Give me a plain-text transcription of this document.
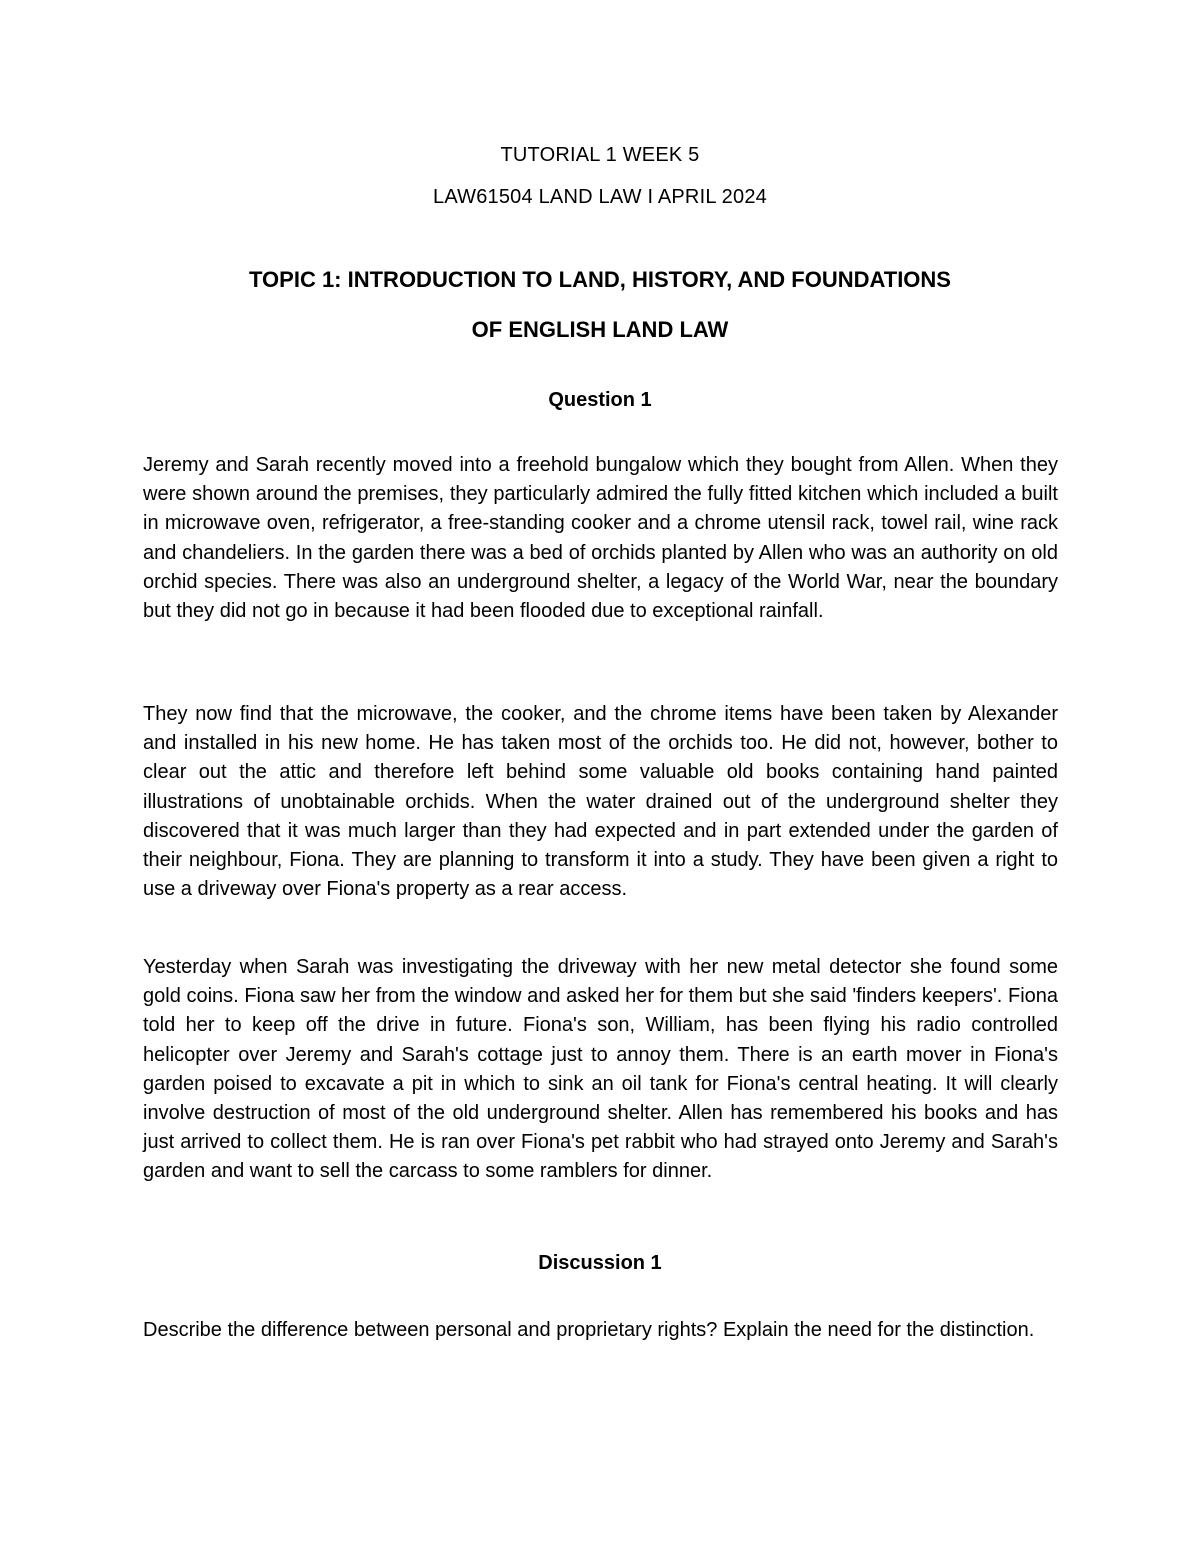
TUTORIAL 1 WEEK 5
LAW61504 LAND LAW I APRIL 2024
TOPIC 1: INTRODUCTION TO LAND, HISTORY, AND FOUNDATIONS
OF ENGLISH LAND LAW
Question 1

Jeremy and Sarah recently moved into a freehold bungalow which they bought from Allen. When they were shown around the premises, they particularly admired the fully fitted kitchen which included a built in microwave oven, refrigerator, a free-standing cooker and a chrome utensil rack, towel rail, wine rack and chandeliers. In the garden there was a bed of orchids planted by Allen who was an authority on old orchid species. There was also an underground shelter, a legacy of the World War, near the boundary but they did not go in because it had been flooded due to exceptional rainfall.

They now find that the microwave, the cooker, and the chrome items have been taken by Alexander and installed in his new home. He has taken most of the orchids too. He did not, however, bother to clear out the attic and therefore left behind some valuable old books containing hand painted illustrations of unobtainable orchids. When the water drained out of the underground shelter they discovered that it was much larger than they had expected and in part extended under the garden of their neighbour, Fiona. They are planning to transform it into a study. They have been given a right to use a driveway over Fiona's property as a rear access.

Yesterday when Sarah was investigating the driveway with her new metal detector she found some gold coins. Fiona saw her from the window and asked her for them but she said 'finders keepers'. Fiona told her to keep off the drive in future. Fiona's son, William, has been flying his radio controlled helicopter over Jeremy and Sarah's cottage just to annoy them. There is an earth mover in Fiona's garden poised to excavate a pit in which to sink an oil tank for Fiona's central heating. It will clearly involve destruction of most of the old underground shelter. Allen has remembered his books and has just arrived to collect them. He is ran over Fiona's pet rabbit who had strayed onto Jeremy and Sarah's garden and want to sell the carcass to some ramblers for dinner.

Discussion 1

Describe the difference between personal and proprietary rights? Explain the need for the distinction.
